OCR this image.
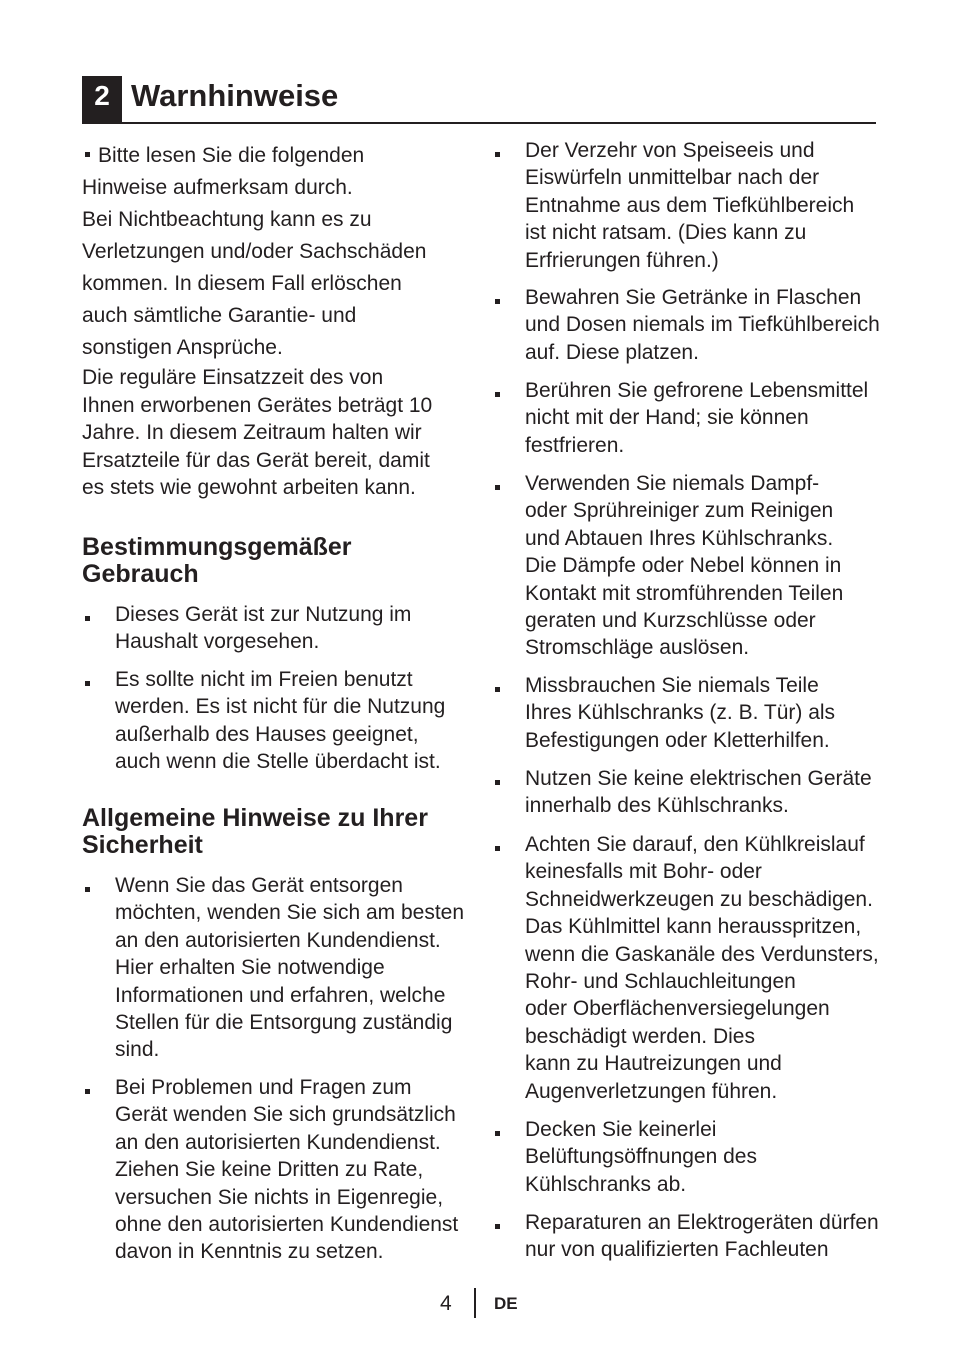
2 Warnhinweise

Bitte lesen Sie die folgenden
Hinweise aufmerksam durch.
Bei Nichtbeachtung kann es zu
Verletzungen und/oder Sachschäden
kommen. In diesem Fall erlöschen
auch sämtliche Garantie- und
sonstigen Ansprüche.

Die reguläre Einsatzzeit des von
Ihnen erworbenen Gerätes beträgt 10
Jahre. In diesem Zeitraum halten wir
Ersatzteile für das Gerät bereit, damit
es stets wie gewohnt arbeiten kann.

Bestimmungsgemäßer
Gebrauch

Dieses Gerät ist zur Nutzung im
Haushalt vorgesehen.
Es sollte nicht im Freien benutzt
werden. Es ist nicht für die Nutzung
außerhalb des Hauses geeignet,
auch wenn die Stelle überdacht ist.

Allgemeine Hinweise zu Ihrer
Sicherheit

Wenn Sie das Gerät entsorgen
möchten, wenden Sie sich am besten
an den autorisierten Kundendienst.
Hier erhalten Sie notwendige
Informationen und erfahren, welche
Stellen für die Entsorgung zuständig
sind.
Bei Problemen und Fragen zum
Gerät wenden Sie sich grundsätzlich
an den autorisierten Kundendienst.
Ziehen Sie keine Dritten zu Rate,
versuchen Sie nichts in Eigenregie,
ohne den autorisierten Kundendienst
davon in Kenntnis zu setzen.
Der Verzehr von Speiseeis und
Eiswürfeln unmittelbar nach der
Entnahme aus dem Tiefkühlbereich
ist nicht ratsam. (Dies kann zu
Erfrierungen führen.)
Bewahren Sie Getränke in Flaschen
und Dosen niemals im Tiefkühlbereich
auf. Diese platzen.
Berühren Sie gefrorene Lebensmittel
nicht mit der Hand; sie können
festfrieren.
Verwenden Sie niemals Dampf-
oder Sprühreiniger zum Reinigen
und Abtauen Ihres Kühlschranks.
Die Dämpfe oder Nebel können in
Kontakt mit stromführenden Teilen
geraten und Kurzschlüsse oder
Stromschläge auslösen.
Missbrauchen Sie niemals Teile
Ihres Kühlschranks (z. B. Tür) als
Befestigungen oder Kletterhilfen.
Nutzen Sie keine elektrischen Geräte
innerhalb des Kühlschranks.
Achten Sie darauf, den Kühlkreislauf
keinesfalls mit Bohr- oder
Schneidwerkzeugen zu beschädigen.
Das Kühlmittel kann herausspritzen,
wenn die Gaskanäle des Verdunsters,
Rohr- und Schlauchleitungen
oder Oberflächenversiegelungen
beschädigt werden. Dies
kann zu Hautreizungen und
Augenverletzungen führen.
Decken Sie keinerlei
Belüftungsöffnungen des
Kühlschranks ab.
Reparaturen an Elektrogeräten dürfen
nur von qualifizierten Fachleuten
4 DE
